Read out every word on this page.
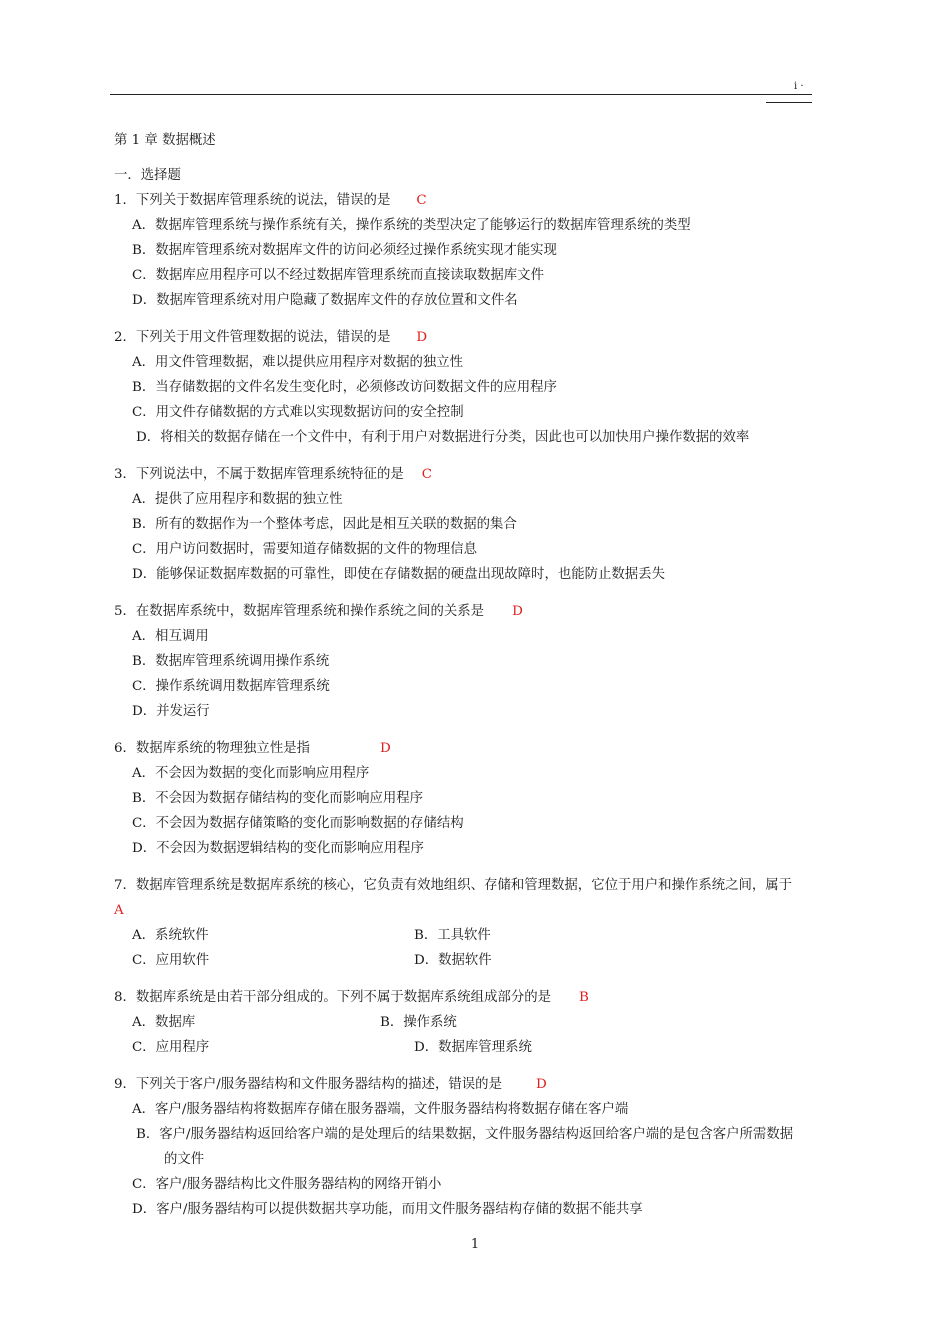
i ·
第 1 章 数据概述
一．选择题
1．下列关于数据库管理系统的说法，错误的是 C
A．数据库管理系统与操作系统有关，操作系统的类型决定了能够运行的数据库管理系统的类型
B．数据库管理系统对数据库文件的访问必须经过操作系统实现才能实现
C．数据库应用程序可以不经过数据库管理系统而直接读取数据库文件
D．数据库管理系统对用户隐藏了数据库文件的存放位置和文件名
2．下列关于用文件管理数据的说法，错误的是 D
A．用文件管理数据，难以提供应用程序对数据的独立性
B．当存储数据的文件名发生变化时，必须修改访问数据文件的应用程序
C．用文件存储数据的方式难以实现数据访问的安全控制
D．将相关的数据存储在一个文件中，有利于用户对数据进行分类，因此也可以加快用户操作数据的效率
3．下列说法中，不属于数据库管理系统特征的是 C
A．提供了应用程序和数据的独立性
B．所有的数据作为一个整体考虑，因此是相互关联的数据的集合
C．用户访问数据时，需要知道存储数据的文件的物理信息
D．能够保证数据库数据的可靠性，即使在存储数据的硬盘出现故障时，也能防止数据丢失
5．在数据库系统中，数据库管理系统和操作系统之间的关系是 D
A．相互调用
B．数据库管理系统调用操作系统
C．操作系统调用数据库管理系统
D．并发运行
6．数据库系统的物理独立性是指	D
A．不会因为数据的变化而影响应用程序
B．不会因为数据存储结构的变化而影响应用程序
C．不会因为数据存储策略的变化而影响数据的存储结构
D．不会因为数据逻辑结构的变化而影响应用程序
7．数据库管理系统是数据库系统的核心，它负责有效地组织、存储和管理数据，它位于用户和操作系统之间，属于
A
A．系统软件	B．工具软件
C．应用软件	D．数据软件
8．数据库系统是由若干部分组成的。下列不属于数据库系统组成部分的是 B
A．数据库	B．操作系统
C．应用程序	D．数据库管理系统
9．下列关于客户/服务器结构和文件服务器结构的描述，错误的是	D
A．客户/服务器结构将数据库存储在服务器端，文件服务器结构将数据存储在客户端
B．客户/服务器结构返回给客户端的是处理后的结果数据，文件服务器结构返回给客户端的是包含客户所需数据
的文件
C．客户/服务器结构比文件服务器结构的网络开销小
D．客户/服务器结构可以提供数据共享功能，而用文件服务器结构存储的数据不能共享
1
